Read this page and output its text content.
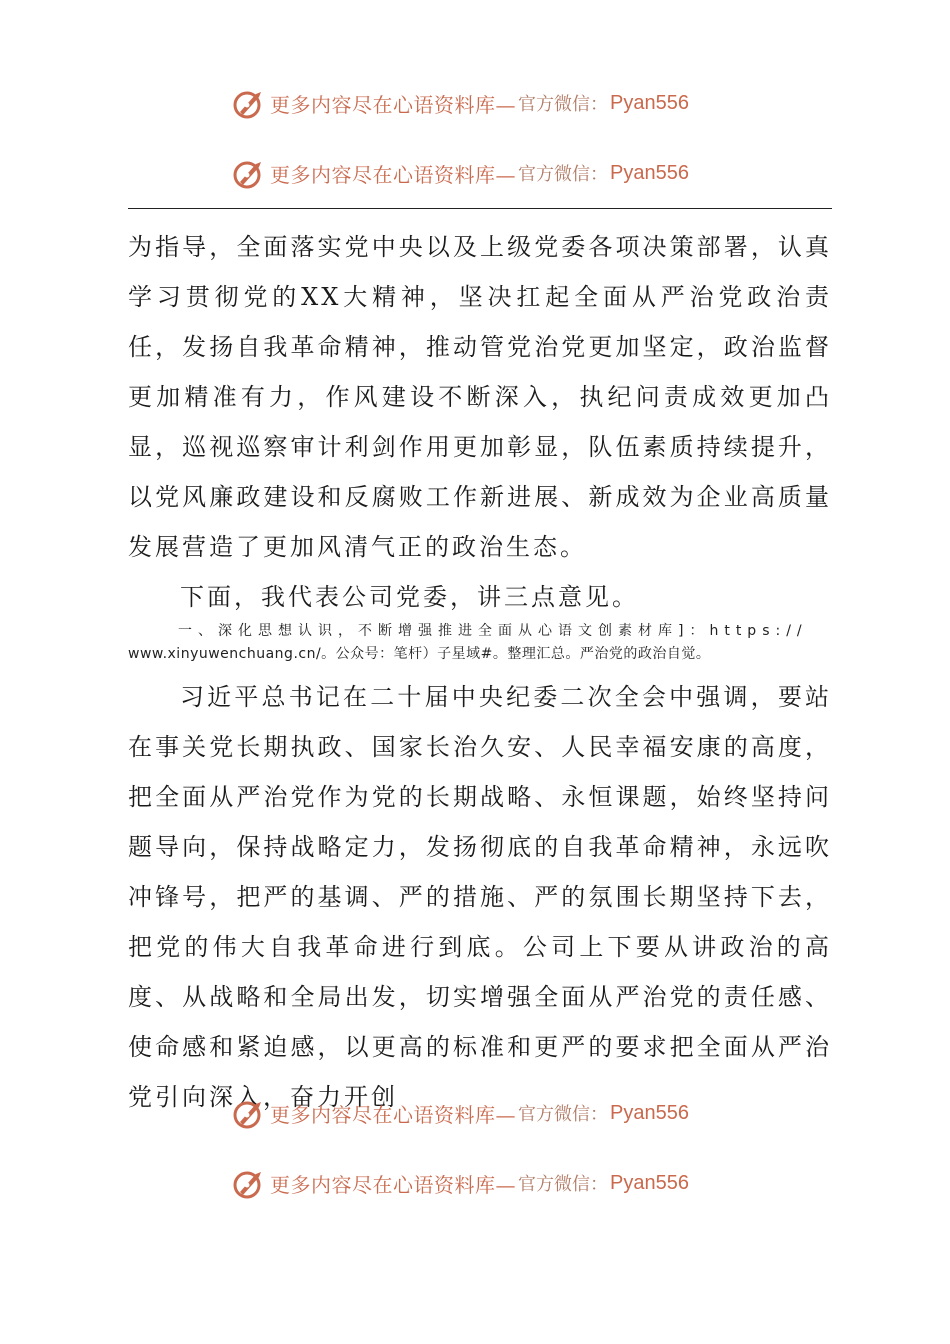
更多内容尽在心语资料库— 官方微信： Pyan556
更多内容尽在心语资料库— 官方微信： Pyan556

为指导，全面落实党中央以及上级党委各项决策部署，认真学习贯彻党的XX大精神，坚决扛起全面从严治党政治责任，发扬自我革命精神，推动管党治党更加坚定，政治监督更加精准有力，作风建设不断深入，执纪问责成效更加凸显，巡视巡察审计利剑作用更加彰显，队伍素质持续提升，以党风廉政建设和反腐败工作新进展、新成效为企业高质量发展营造了更加风清气正的政治生态。

下面，我代表公司党委，讲三点意见。

一、深化思想认识，不断增强推进全面从心语文创素材库]：https://

www.xinyuwenchuang.cn/。公众号：笔杆）子星域#。整理汇总。严治党的政治自觉。

习近平总书记在二十届中央纪委二次全会中强调，要站在事关党长期执政、国家长治久安、人民幸福安康的高度，把全面从严治党作为党的长期战略、永恒课题，始终坚持问题导向，保持战略定力，发扬彻底的自我革命精神，永远吹冲锋号，把严的基调、严的措施、严的氛围长期坚持下去，把党的伟大自我革命进行到底。公司上下要从讲政治的高度、从战略和全局出发，切实增强全面从严治党的责任感、使命感和紧迫感，以更高的标准和更严的要求把全面从严治党引向深入，奋力开创

更多内容尽在心语资料库— 官方微信： Pyan556
更多内容尽在心语资料库— 官方微信： Pyan556
